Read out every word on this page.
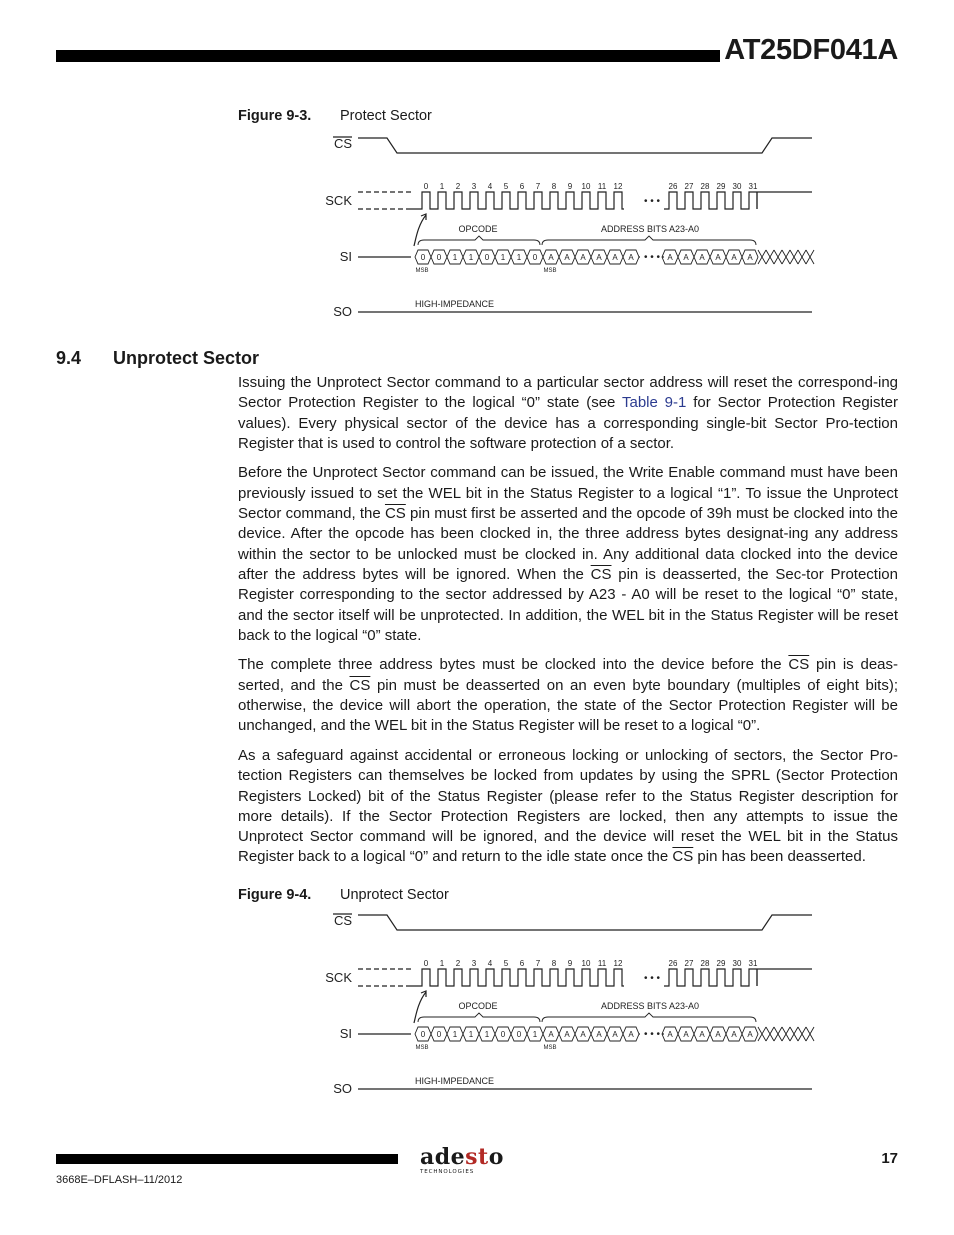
AT25DF041A
Figure 9-3. Protect Sector
CS
SCK
SI
SO
• • •
0 1 2 3 4 5 6 7 8 9 10 11 12	26 27 28 29 30 31
OPCODE	ADDRESS BITS A23-A0
0 0 1 1 0 1 1 0 A A A A A A • • • A A A A A A
MSB	MSB
HIGH-IMPEDANCE
9.4 Unprotect Sector

Issuing the Unprotect Sector command to a particular sector address will reset the correspond-ing Sector Protection Register to the logical “0” state (see Table 9-1 for Sector Protection Register values). Every physical sector of the device has a corresponding single-bit Sector Pro-tection Register that is used to control the software protection of a sector.

Before the Unprotect Sector command can be issued, the Write Enable command must have been previously issued to set the WEL bit in the Status Register to a logical “1”. To issue the Unprotect Sector command, the $\overline{CS}$ pin must first be asserted and the opcode of 39h must be clocked into the device. After the opcode has been clocked in, the three address bytes designat-ing any address within the sector to be unlocked must be clocked in. Any additional data clocked into the device after the address bytes will be ignored. When the $\overline{CS}$ pin is deasserted, the Sec-tor Protection Register corresponding to the sector addressed by A23 - A0 will be reset to the logical “0” state, and the sector itself will be unprotected. In addition, the WEL bit in the Status Register will be reset back to the logical “0” state.

The complete three address bytes must be clocked into the device before the $\overline{CS}$ pin is deas-serted, and the $\overline{CS}$ pin must be deasserted on an even byte boundary (multiples of eight bits); otherwise, the device will abort the operation, the state of the Sector Protection Register will be unchanged, and the WEL bit in the Status Register will be reset to a logical “0”.

As a safeguard against accidental or erroneous locking or unlocking of sectors, the Sector Pro-tection Registers can themselves be locked from updates by using the SPRL (Sector Protection Registers Locked) bit of the Status Register (please refer to the Status Register description for more details). If the Sector Protection Registers are locked, then any attempts to issue the Unprotect Sector command will be ignored, and the device will reset the WEL bit in the Status Register back to a logical “0” and return to the idle state once the $\overline{CS}$ pin has been deasserted.

Figure 9-4. Unprotect Sector
CS
SCK
SI
SO
• • •
0 1 2 3 4 5 6 7 8 9 10 11 12	26 27 28 29 30 31
OPCODE	ADDRESS BITS A23-A0
0 0 1 1 1 0 0 1 A A A A A A • • • A A A A A A
MSB	MSB
HIGH-IMPEDANCE
3668E–DFLASH–11/2012
17
adesto
TECHNOLOGIES
